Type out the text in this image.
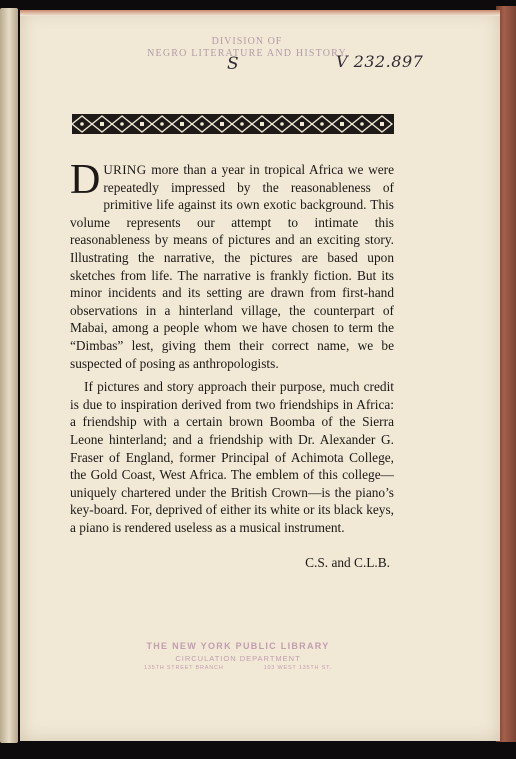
DIVISION OF
NEGRO LITERATURE AND HISTORY
S	V 232.897

DURING more than a year in tropical Africa we were repeatedly impressed by the reasonableness of primitive life against its own exotic background. This volume represents our attempt to intimate this reasonableness by means of pictures and an exciting story. Illustrating the narrative, the pictures are based upon sketches from life. The narrative is frankly fiction. But its minor incidents and its setting are drawn from first-hand observations in a hinterland village, the counterpart of Mabai, among a people whom we have chosen to term the “Dimbas” lest, giving them their correct name, we be suspected of posing as anthropologists.

If pictures and story approach their purpose, much credit is due to inspiration derived from two friendships in Africa: a friendship with a certain brown Boomba of the Sierra Leone hinterland; and a friendship with Dr. Alexander G. Fraser of England, former Principal of Achimota College, the Gold Coast, West Africa. The emblem of this college—uniquely chartered under the British Crown—is the piano’s key-board. For, deprived of either its white or its black keys, a piano is rendered useless as a musical instrument.

C.S. and C.L.B.
THE NEW YORK PUBLIC LIBRARY
CIRCULATION DEPARTMENT
135TH STREET BRANCH	103 WEST 135TH ST.
